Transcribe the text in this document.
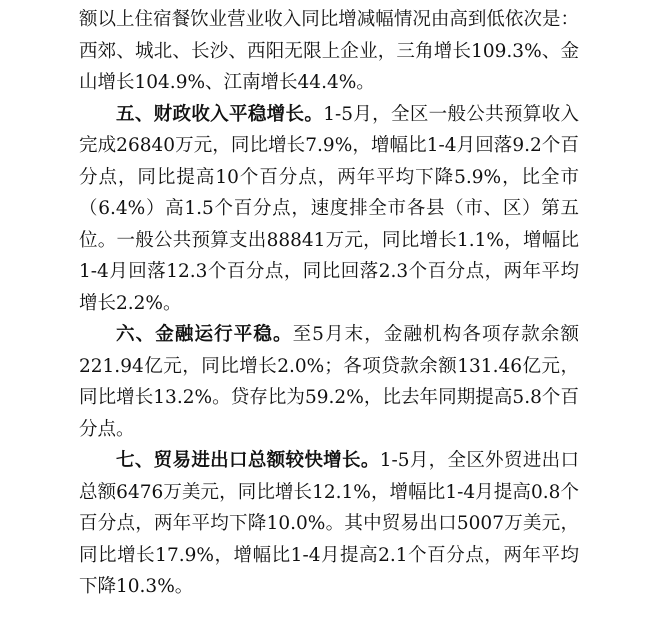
额以上住宿餐饮业营业收入同比增减幅情况由高到低依次是：西郊、城北、长沙、西阳无限上企业，三角增长109.3%、金山增长104.9%、江南增长44.4%。

五、财政收入平稳增长。1-5月，全区一般公共预算收入完成26840万元，同比增长7.9%，增幅比1-4月回落9.2个百分点，同比提高10个百分点，两年平均下降5.9%，比全市（6.4%）高1.5个百分点，速度排全市各县（市、区）第五位。一般公共预算支出88841万元，同比增长1.1%，增幅比1-4月回落12.3个百分点，同比回落2.3个百分点，两年平均增长2.2%。

六、金融运行平稳。至5月末，金融机构各项存款余额221.94亿元，同比增长2.0%；各项贷款余额131.46亿元，同比增长13.2%。贷存比为59.2%，比去年同期提高5.8个百分点。

七、贸易进出口总额较快增长。1-5月，全区外贸进出口总额6476万美元，同比增长12.1%，增幅比1-4月提高0.8个百分点，两年平均下降10.0%。其中贸易出口5007万美元，同比增长17.9%，增幅比1-4月提高2.1个百分点，两年平均下降10.3%。
